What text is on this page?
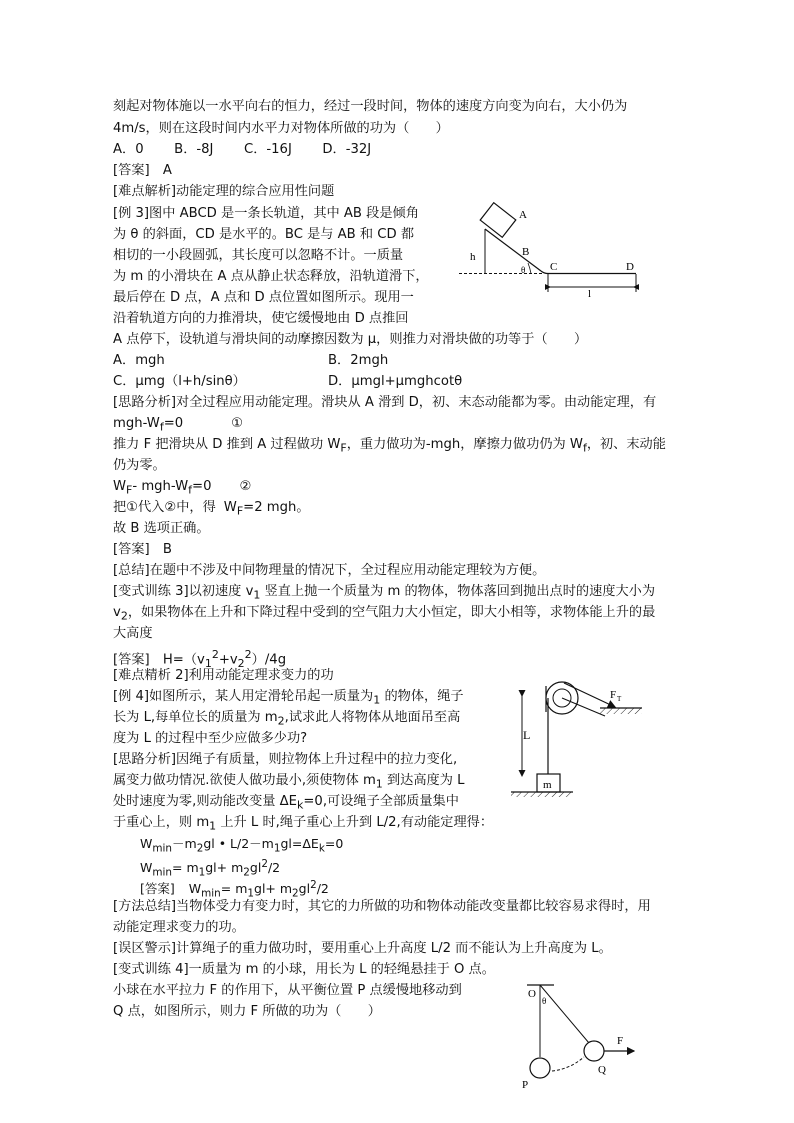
刻起对物体施以一水平向右的恒力，经过一段时间，物体的速度方向变为向右，大小仍为
4m/s，则在这段时间内水平力对物体所做的功为（　　）
A．0　　 B．-8J　　 C．-16J　　 D．-32J
[答案]　A
[难点解析]动能定理的综合应用性问题
[例 3]图中 ABCD 是一条长轨道，其中 AB 段是倾角
为 θ 的斜面，CD 是水平的。BC 是与 AB 和 CD 都
相切的一小段圆弧，其长度可以忽略不计。一质量
为 m 的小滑块在 A 点从静止状态释放，沿轨道滑下，
最后停在 D 点，A 点和 D 点位置如图所示。现用一
沿着轨道方向的力推滑块，使它缓慢地由 D 点推回
A 点停下，设轨道与滑块间的动摩擦因数为 μ，则推力对滑块做的功等于（　　）
A．mgh	B．2mgh
C．μmg（l+h/sinθ）	D．μmgl+μmghcotθ
[思路分析]对全过程应用动能定理。滑块从 A 滑到 D，初、末态动能都为零。由动能定理，有
mgh-$W_f=0$	①
推力 F 把滑块从 D 推到 A 过程做功 $W_F$，重力做功为-mgh，摩擦力做功仍为 $W_f$，初、末动能
仍为零。
$W_F-$ mgh-$W_f=0$ ②
把①代入②中，得 $W_F=2$ mgh。
故 B 选项正确。
[答案]　B
[总结]在题中不涉及中间物理量的情况下，全过程应用动能定理较为方便。
[变式训练 3]以初速度 $v_1$ 竖直上抛一个质量为 m 的物体，物体落回到抛出点时的速度大小为
$v_2$，如果物体在上升和下降过程中受到的空气阻力大小恒定，即大小相等，求物体能上升的最
大高度
[答案]　$H=(v_1^2+v_2^2)/4g$
[难点精析 2]利用动能定理求变力的功
[例 4]如图所示，某人用定滑轮吊起一质量为$_1$ 的物体，绳子
长为 L,每单位长的质量为 $m_2$,试求此人将物体从地面吊至高
度为 L 的过程中至少应做多少功?
[思路分析]因绳子有质量，则拉物体上升过程中的拉力变化,
属变力做功情况.欲使人做功最小,须使物体 $m_1$ 到达高度为 L
处时速度为零,则动能改变量 $\Delta E_k=0$,可设绳子全部质量集中
于重心上，则 $m_1$ 上升 L 时,绳子重心上升到 L/2,有动能定理得：
$W_{min}-m_2gl$ • $L/2-m_1gl=\Delta E_k=0$
$W_{min}= m_1gl+ m_2gl^2/2$
[答案] $W_{min}= m_1gl+ m_2gl^2/2$
[方法总结]当物体受力有变力时，其它的力所做的功和物体动能改变量都比较容易求得时，用
动能定理求变力的功。
[误区警示]计算绳子的重力做功时，要用重心上升高度 L/2 而不能认为上升高度为 L。
[变式训练 4]一质量为 m 的小球，用长为 L 的轻绳悬挂于 O 点。
小球在水平拉力 F 的作用下，从平衡位置 P 点缓慢地移动到
Q 点，如图所示，则力 F 所做的功为（　　）
A
B
h
θ C	D
l
F T
L
m
O
θ
F
P
Q
